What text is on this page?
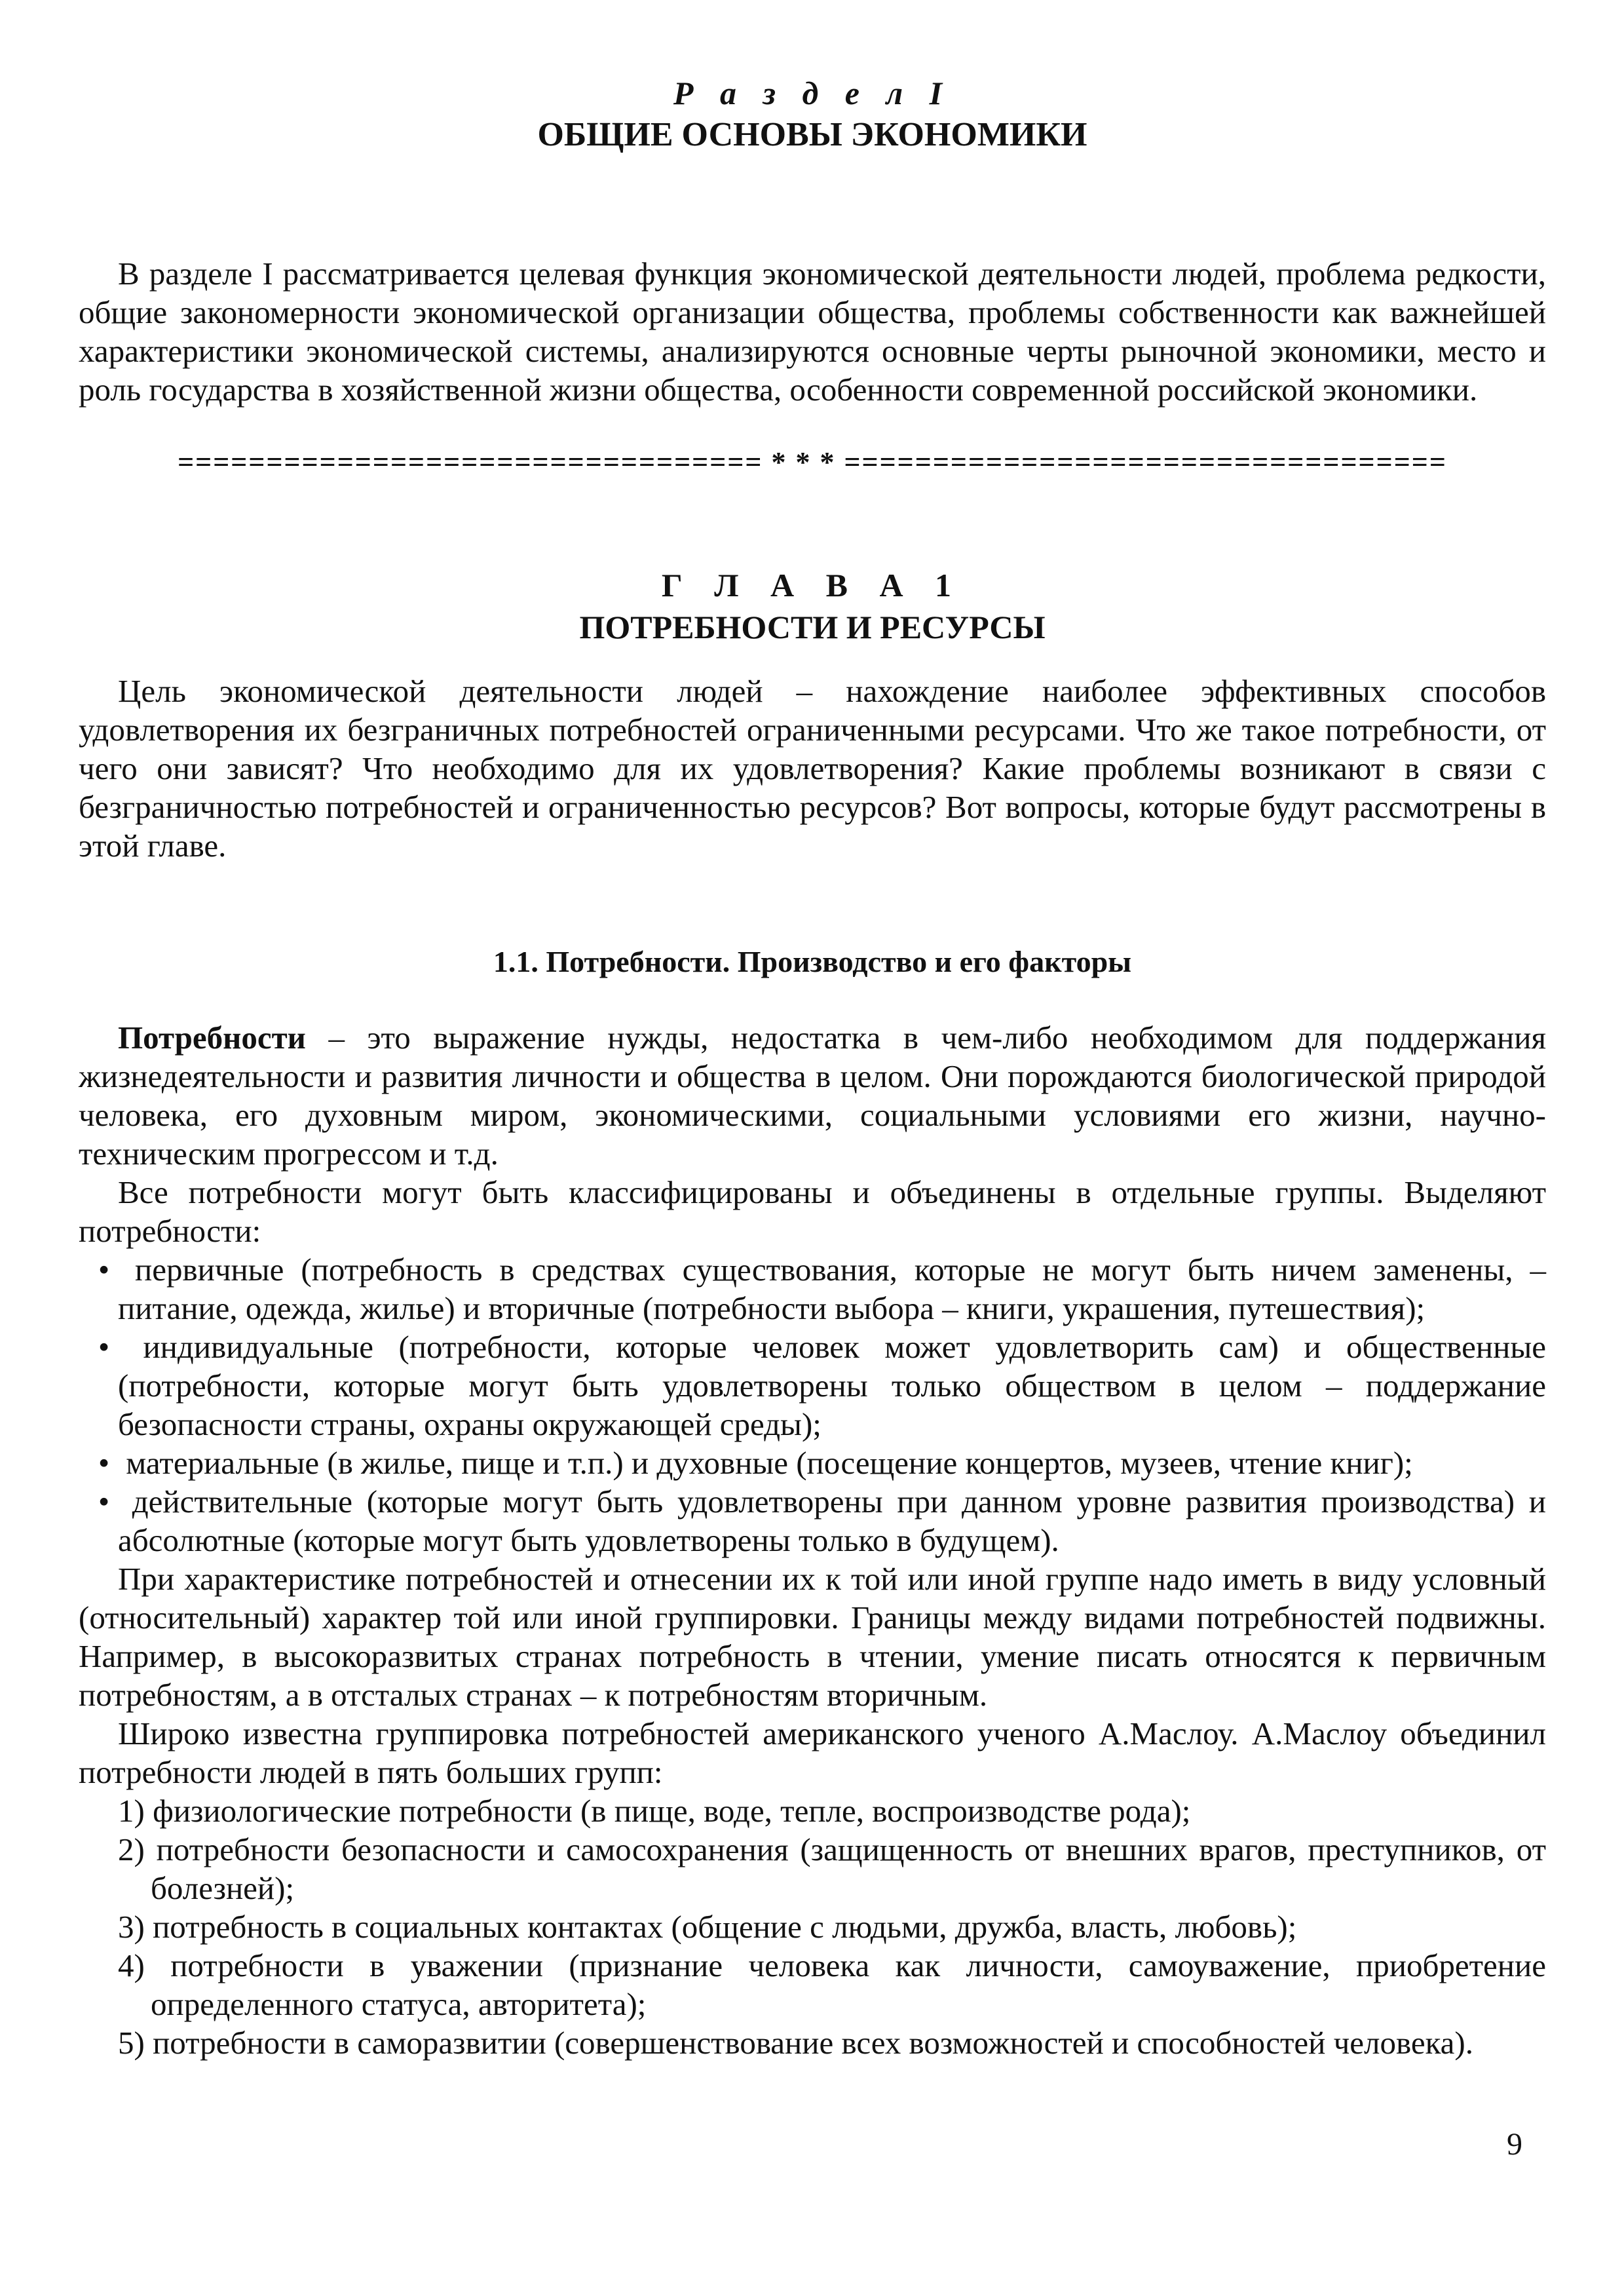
Р а з д е л I
ОБЩИЕ ОСНОВЫ ЭКОНОМИКИ

В разделе I рассматривается целевая функция экономической деятельности людей, проблема редкости, общие закономерности экономической организации общества, проблемы собственности как важнейшей характеристики экономической системы, анализируются основные черты рыночной экономики, место и роль государства в хозяйственной жизни общества, особенности современной российской экономики.

================================= * * * ==================================
Г Л А В А 1
ПОТРЕБНОСТИ И РЕСУРСЫ

Цель экономической деятельности людей – нахождение наиболее эффективных способов удовлетворения их безграничных потребностей ограниченными ресурсами. Что же такое потребности, от чего они зависят? Что необходимо для их удовлетворения? Какие проблемы возникают в связи с безграничностью потребностей и ограниченностью ресурсов? Вот вопросы, которые будут рассмотрены в этой главе.

1.1. Потребности. Производство и его факторы

Потребности – это выражение нужды, недостатка в чем-либо необходимом для поддержания жизнедеятельности и развития личности и общества в целом. Они порождаются биологической природой человека, его духовным миром, экономическими, социальными условиями его жизни, научно-техническим прогрессом и т.д.

Все потребности могут быть классифицированы и объединены в отдельные группы. Выделяют потребности:

• первичные (потребность в средствах существования, которые не могут быть ничем заменены, – питание, одежда, жилье) и вторичные (потребности выбора – книги, украшения, путешествия);
• индивидуальные (потребности, которые человек может удовлетворить сам) и общественные (потребности, которые могут быть удовлетворены только обществом в целом – поддержание безопасности страны, охраны окружающей среды);
• материальные (в жилье, пище и т.п.) и духовные (посещение концертов, музеев, чтение книг);
• действительные (которые могут быть удовлетворены при данном уровне развития производства) и абсолютные (которые могут быть удовлетворены только в будущем).

При характеристике потребностей и отнесении их к той или иной группе надо иметь в виду условный (относительный) характер той или иной группировки. Границы между видами потребностей подвижны. Например, в высокоразвитых странах потребность в чтении, умение писать относятся к первичным потребностям, а в отсталых странах – к потребностям вторичным.

Широко известна группировка потребностей американского ученого А.Маслоу. А.Маслоу объединил потребности людей в пять больших групп:

1) физиологические потребности (в пище, воде, тепле, воспроизводстве рода);
2) потребности безопасности и самосохранения (защищенность от внешних врагов, преступников, от болезней);
3) потребность в социальных контактах (общение с людьми, дружба, власть, любовь);
4) потребности в уважении (признание человека как личности, самоуважение, приобретение определенного статуса, авторитета);
5) потребности в саморазвитии (совершенствование всех возможностей и способностей человека).
9
